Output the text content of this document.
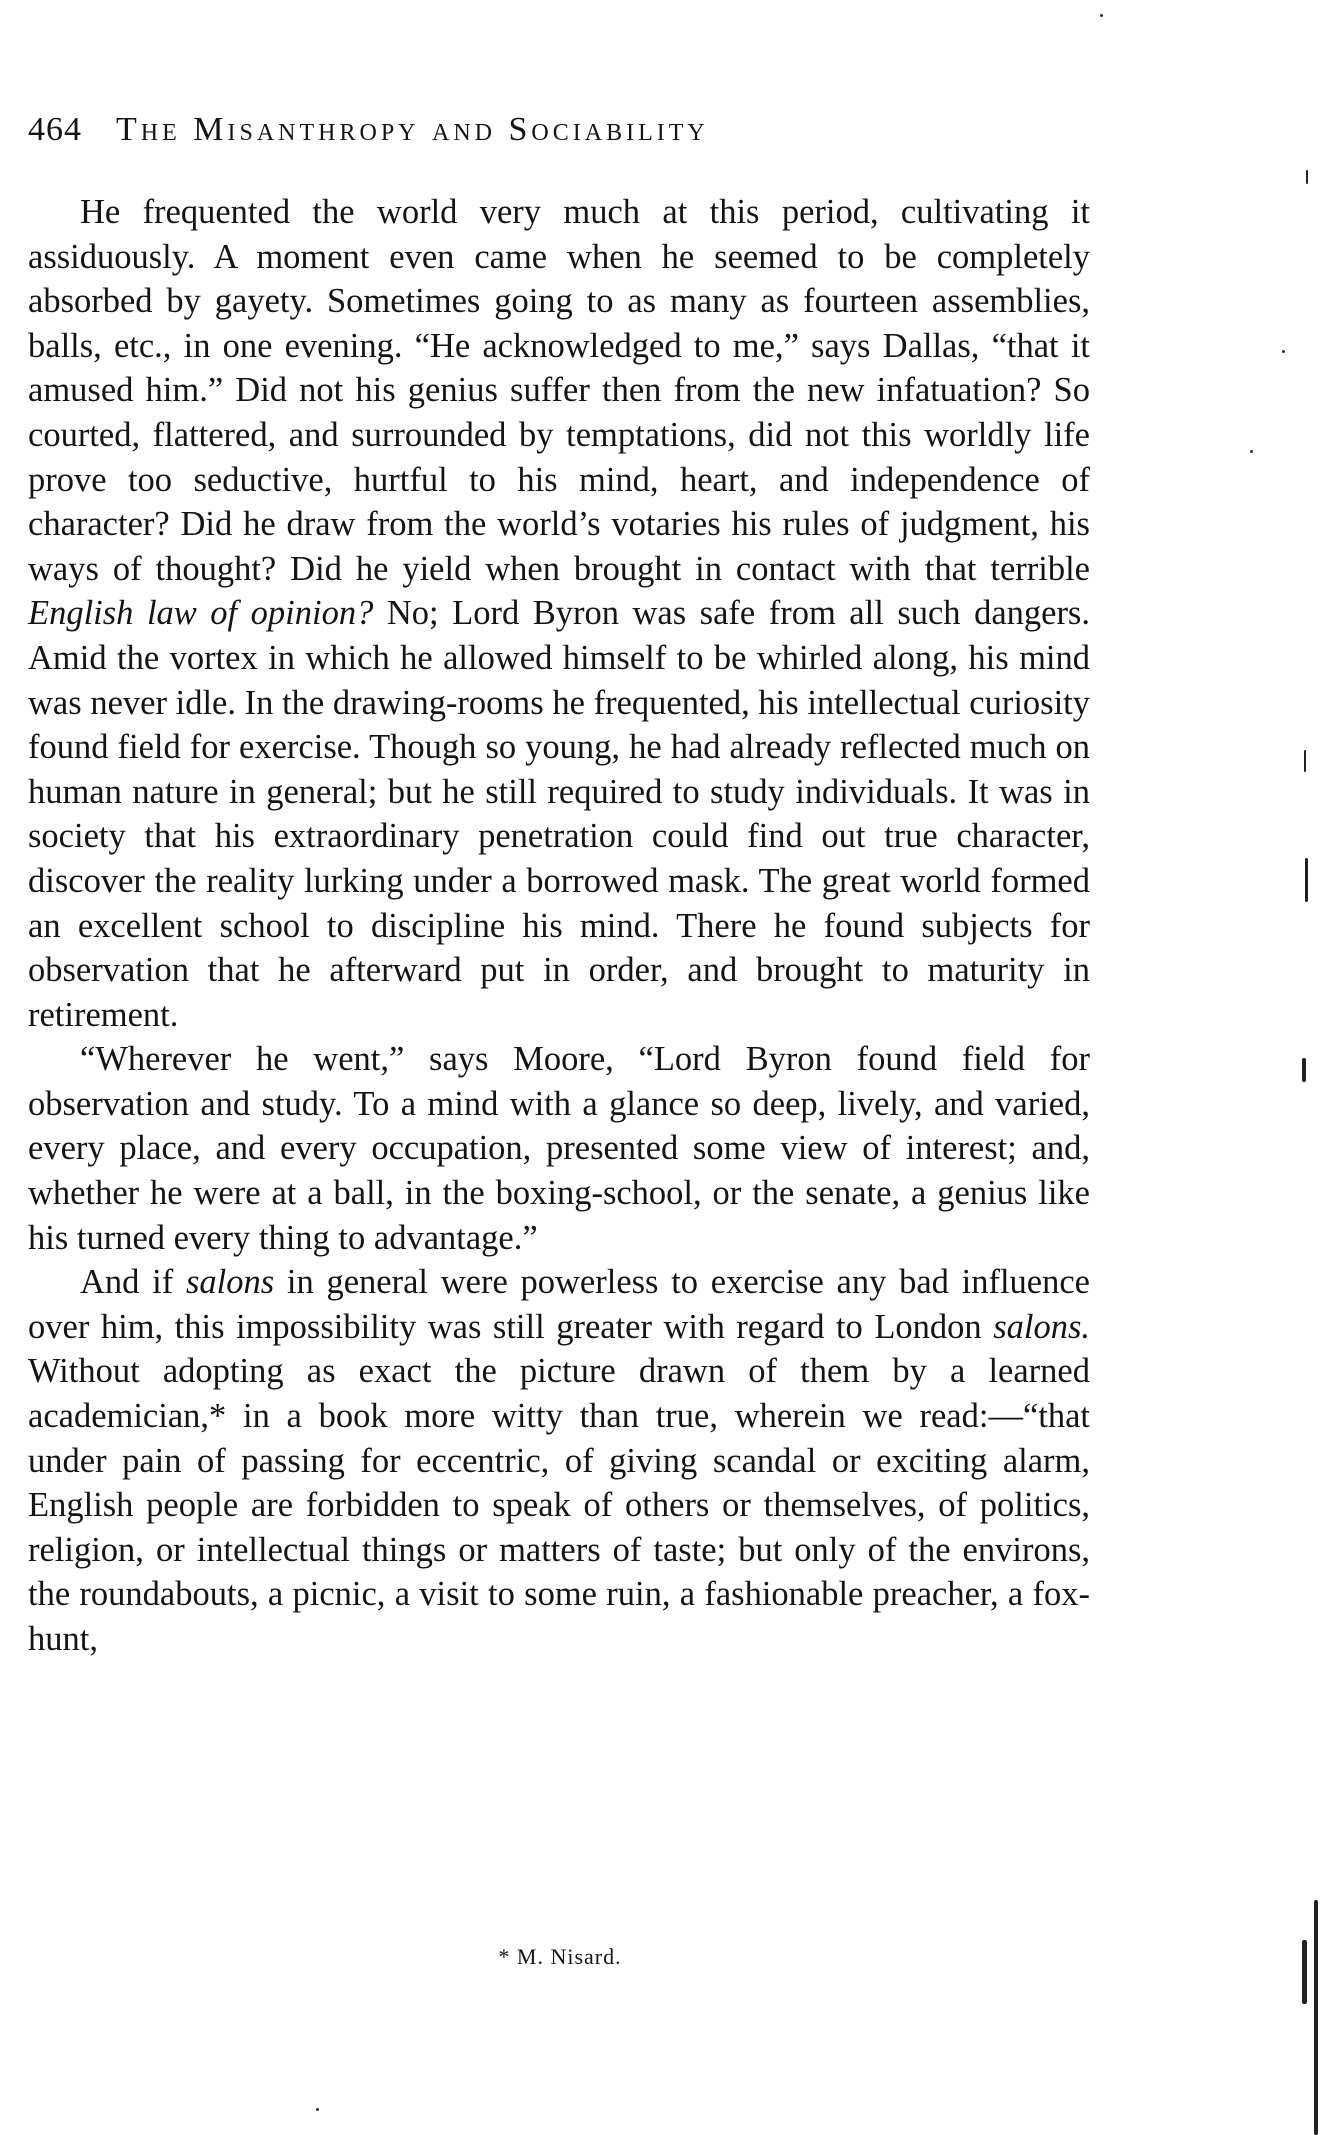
464 The Misanthropy and Sociability

He frequented the world very much at this period, cultivating it assiduously. A moment even came when he seemed to be completely absorbed by gayety. Sometimes going to as many as fourteen assemblies, balls, etc., in one evening. “He acknowledged to me,” says Dallas, “that it amused him.” Did not his genius suffer then from the new infatuation? So courted, flattered, and surrounded by temptations, did not this worldly life prove too seductive, hurtful to his mind, heart, and independence of character? Did he draw from the world’s votaries his rules of judgment, his ways of thought? Did he yield when brought in contact with that terrible English law of opinion? No; Lord Byron was safe from all such dangers. Amid the vortex in which he allowed himself to be whirled along, his mind was never idle. In the drawing-rooms he frequented, his intellectual curiosity found field for exercise. Though so young, he had already reflected much on human nature in general; but he still required to study individuals. It was in society that his extraordinary penetration could find out true character, discover the reality lurking under a borrowed mask. The great world formed an excellent school to discipline his mind. There he found subjects for observation that he afterward put in order, and brought to maturity in retirement.

“Wherever he went,” says Moore, “Lord Byron found field for observation and study. To a mind with a glance so deep, lively, and varied, every place, and every occupation, presented some view of interest; and, whether he were at a ball, in the boxing-school, or the senate, a genius like his turned every thing to advantage.”

And if salons in general were powerless to exercise any bad influence over him, this impossibility was still greater with regard to London salons. Without adopting as exact the picture drawn of them by a learned academician,* in a book more witty than true, wherein we read:—“that under pain of passing for eccentric, of giving scandal or exciting alarm, English people are forbidden to speak of others or themselves, of politics, religion, or intellectual things or matters of taste; but only of the environs, the roundabouts, a picnic, a visit to some ruin, a fashionable preacher, a fox-hunt,

* M. Nisard.
